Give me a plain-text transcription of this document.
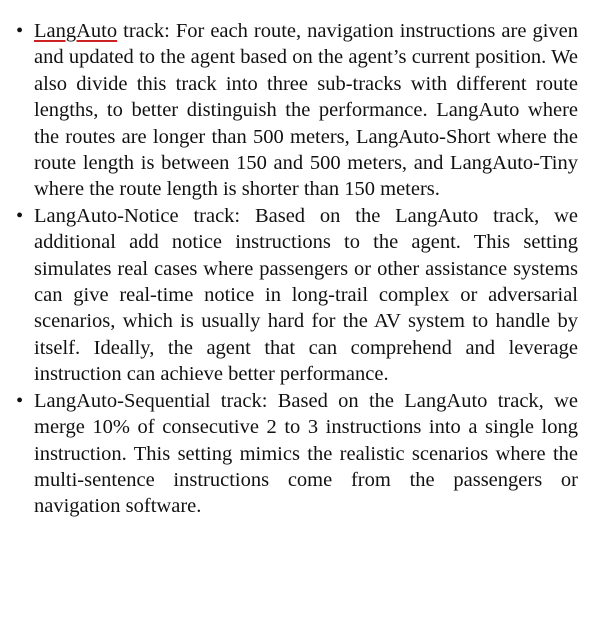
• LangAuto track: For each route, navigation instructions are given and updated to the agent based on the agent’s current position. We also divide this track into three sub-tracks with different route lengths, to better distinguish the performance. LangAuto where the routes are longer than 500 meters, LangAuto-Short where the route length is between 150 and 500 meters, and LangAuto-Tiny where the route length is shorter than 150 meters.
• LangAuto-Notice track: Based on the LangAuto track, we additional add notice instructions to the agent. This setting simulates real cases where passengers or other assistance systems can give real-time notice in long-trail complex or adversarial scenarios, which is usually hard for the AV system to handle by itself. Ideally, the agent that can comprehend and leverage instruction can achieve better performance.
• LangAuto-Sequential track: Based on the LangAuto track, we merge 10% of consecutive 2 to 3 instructions into a single long instruction. This setting mimics the realistic scenarios where the multi-sentence instructions come from the passengers or navigation software.
